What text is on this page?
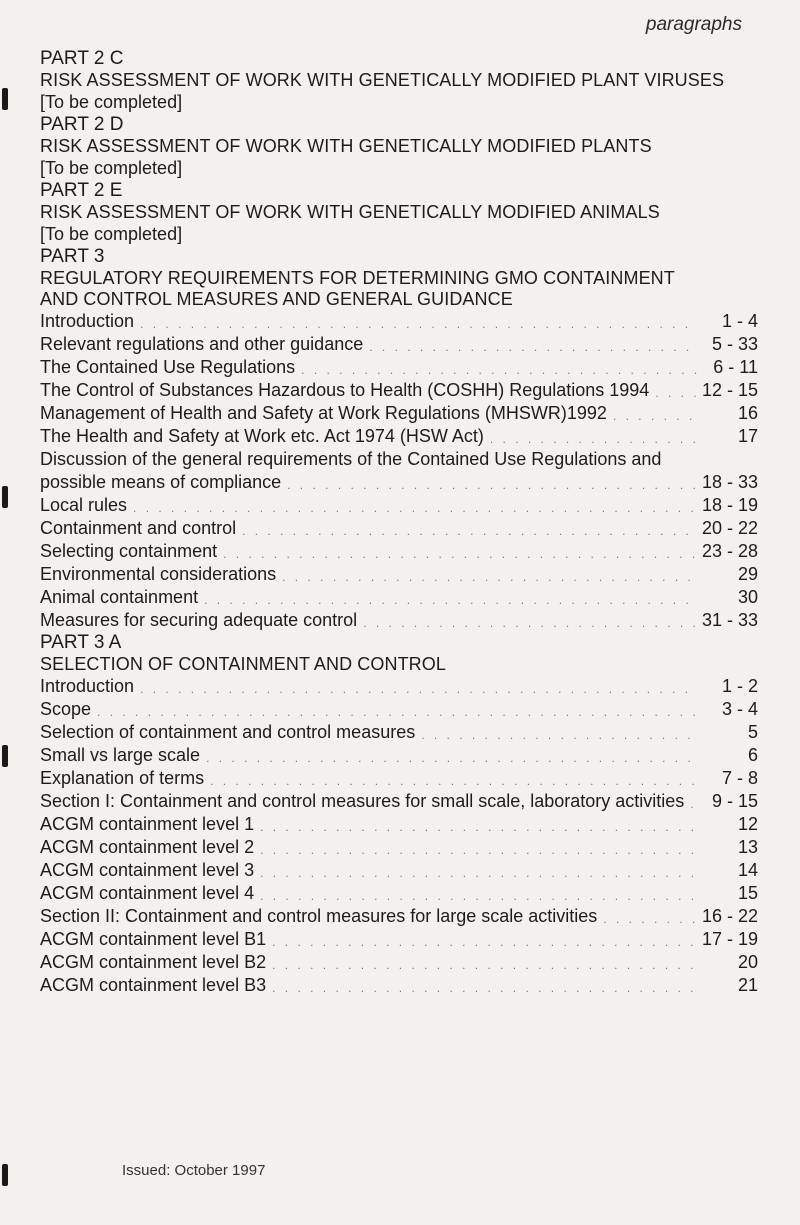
paragraphs
PART 2 C
RISK ASSESSMENT OF WORK WITH GENETICALLY MODIFIED PLANT VIRUSES
[To be completed]
PART 2 D
RISK ASSESSMENT OF WORK WITH GENETICALLY MODIFIED PLANTS
[To be completed]
PART 2 E
RISK ASSESSMENT OF WORK WITH GENETICALLY MODIFIED ANIMALS
[To be completed]
PART 3
REGULATORY REQUIREMENTS FOR DETERMINING GMO CONTAINMENT
AND CONTROL MEASURES AND GENERAL GUIDANCE
Introduction . . .	1 - 4
Relevant regulations and other guidance . . .	5 - 33
The Contained Use Regulations . . .	6 - 11
The Control of Substances Hazardous to Health (COSHH) Regulations 1994 . . .	12 - 15
Management of Health and Safety at Work Regulations (MHSWR)1992 . . .	16
The Health and Safety at Work etc. Act 1974 (HSW Act) . . .	17
Discussion of the general requirements of the Contained Use Regulations and
possible means of compliance . . .	18 - 33
Local rules . . .	18 - 19
Containment and control . . .	20 - 22
Selecting containment . . .	23 - 28
Environmental considerations . . .	29
Animal containment . . .	30
Measures for securing adequate control . . .	31 - 33
PART 3 A
SELECTION OF CONTAINMENT AND CONTROL
Introduction . . .	1 - 2
Scope . . .	3 - 4
Selection of containment and control measures . . .	5
Small vs large scale . . .	6
Explanation of terms . . .	7 - 8
Section I: Containment and control measures for small scale, laboratory activities . . .	9 - 15
ACGM containment level 1 . . .	12
ACGM containment level 2 . . .	13
ACGM containment level 3 . . .	14
ACGM containment level 4 . . .	15
Section II: Containment and control measures for large scale activities . . .	16 - 22
ACGM containment level B1 . . .	17 - 19
ACGM containment level B2 . . .	20
ACGM containment level B3 . . .	21
Issued: October 1997
